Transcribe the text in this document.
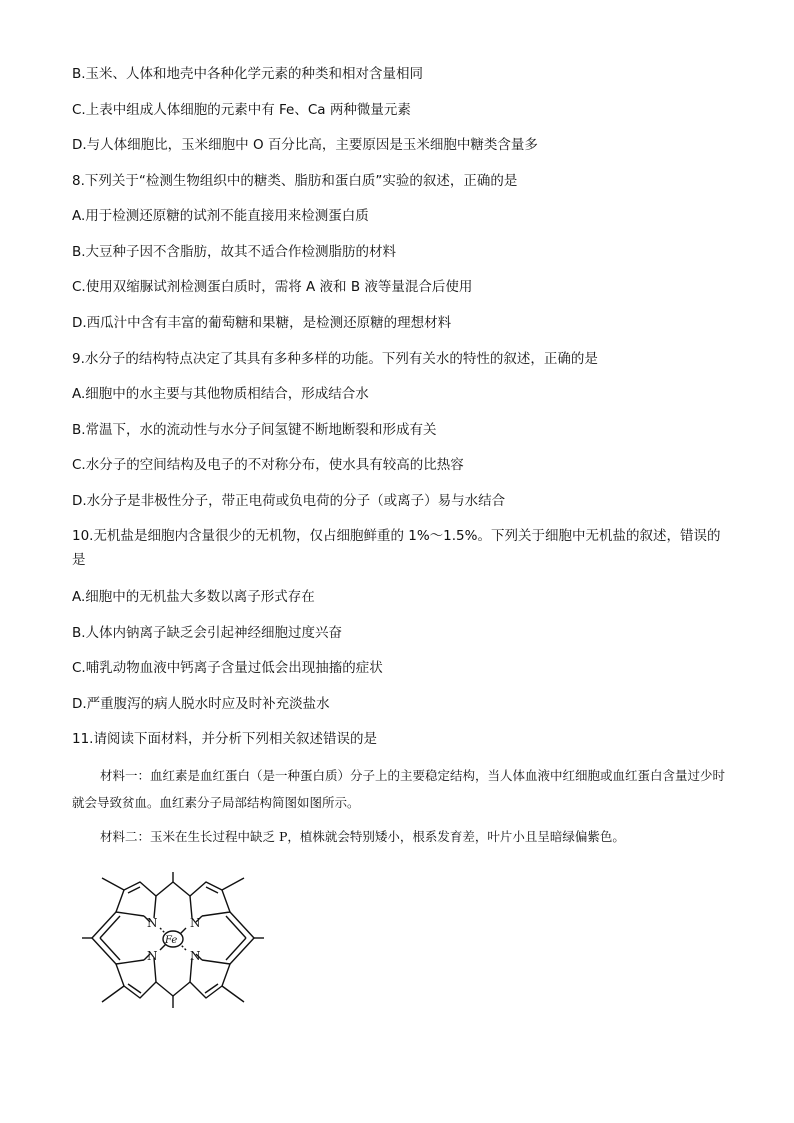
B.玉米、人体和地壳中各种化学元素的种类和相对含量相同
C.上表中组成人体细胞的元素中有 Fe、Ca 两种微量元素
D.与人体细胞比，玉米细胞中 O 百分比高，主要原因是玉米细胞中糖类含量多
8.下列关于“检测生物组织中的糖类、脂肪和蛋白质”实验的叙述，正确的是
A.用于检测还原糖的试剂不能直接用来检测蛋白质
B.大豆种子因不含脂肪，故其不适合作检测脂肪的材料
C.使用双缩脲试剂检测蛋白质时，需将 A 液和 B 液等量混合后使用
D.西瓜汁中含有丰富的葡萄糖和果糖，是检测还原糖的理想材料
9.水分子的结构特点决定了其具有多种多样的功能。下列有关水的特性的叙述，正确的是
A.细胞中的水主要与其他物质相结合，形成结合水
B.常温下，水的流动性与水分子间氢键不断地断裂和形成有关
C.水分子的空间结构及电子的不对称分布，使水具有较高的比热容
D.水分子是非极性分子，带正电荷或负电荷的分子（或离子）易与水结合
10.无机盐是细胞内含量很少的无机物，仅占细胞鲜重的 1%～1.5%。下列关于细胞中无机盐的叙述，错误的是
A.细胞中的无机盐大多数以离子形式存在
B.人体内钠离子缺乏会引起神经细胞过度兴奋
C.哺乳动物血液中钙离子含量过低会出现抽搐的症状
D.严重腹泻的病人脱水时应及时补充淡盐水
11.请阅读下面材料，并分析下列相关叙述错误的是
材料一：血红素是血红蛋白（是一种蛋白质）分子上的主要稳定结构，当人体血液中红细胞或血红蛋白含量过少时就会导致贫血。血红素分子局部结构简图如图所示。
材料二：玉米在生长过程中缺乏 P，植株就会特别矮小，根系发育差，叶片小且呈暗绿偏紫色。
N	N
N	N
Fe
